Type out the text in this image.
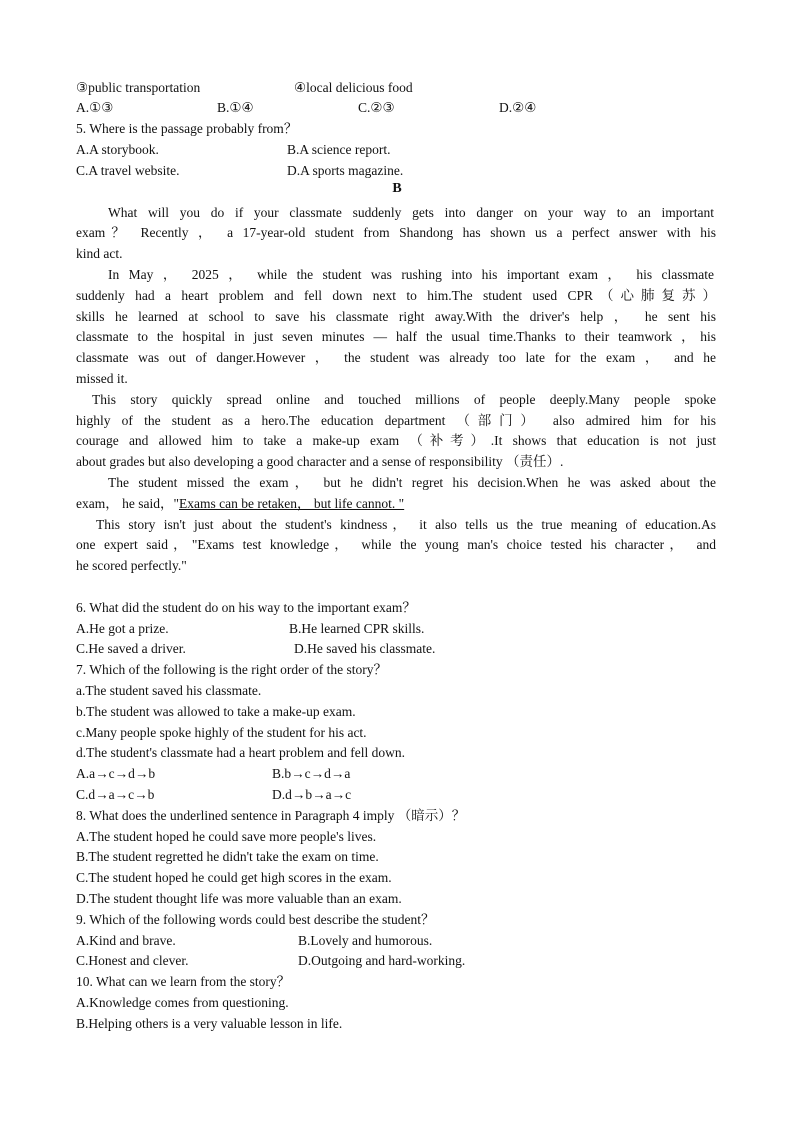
③public transportation	④local delicious food
A.①③	B.①④	C.②③	D.②④
5. Where is the passage probably from？
A.A storybook.	B.A science report.
C.A travel website.	D.A sports magazine.
B
What will you do if your classmate suddenly gets into danger on your way to an important
exam？ Recently ， a 17-year-old student from Shandong has shown us a perfect answer with his
kind act.
In May ， 2025 ， while the student was rushing into his important exam ， his classmate
suddenly had a heart problem and fell down next to him.The student used CPR（心肺复苏）
skills he learned at school to save his classmate right away.With the driver's help ， he sent his
classmate to the hospital in just seven minutes — half the usual time.Thanks to their teamwork ，his
classmate was out of danger.However ， the student was already too late for the exam ， and he
missed it.
This story quickly spread online and touched millions of people deeply.Many people spoke
highly of the student as a hero.The education department （部门） also admired him for his
courage and allowed him to take a make-up exam （补考）.It shows that education is not just
about grades but also developing a good character and a sense of responsibility （责任）.
The student missed the exam， but he didn't regret his decision.When he was asked about the
exam， he said，"Exams can be retaken， but life cannot. "
This story isn't just about the student's kindness， it also tells us the true meaning of education.As
one expert said，"Exams test knowledge， while the young man's choice tested his character， and
he scored perfectly."
6. What did the student do on his way to the important exam？
A.He got a prize.	B.He learned CPR skills.
C.He saved a driver.	D.He saved his classmate.
7. Which of the following is the right order of the story？
a.The student saved his classmate.
b.The student was allowed to take a make-up exam.
c.Many people spoke highly of the student for his act.
d.The student's classmate had a heart problem and fell down.
A.a→c→d→b	B.b→c→d→a
C.d→a→c→b	D.d→b→a→c
8. What does the underlined sentence in Paragraph 4 imply （暗示）？
A.The student hoped he could save more people's lives.
B.The student regretted he didn't take the exam on time.
C.The student hoped he could get high scores in the exam.
D.The student thought life was more valuable than an exam.
9. Which of the following words could best describe the student？
A.Kind and brave.	B.Lovely and humorous.
C.Honest and clever.	D.Outgoing and hard-working.
10. What can we learn from the story？
A.Knowledge comes from questioning.
B.Helping others is a very valuable lesson in life.
